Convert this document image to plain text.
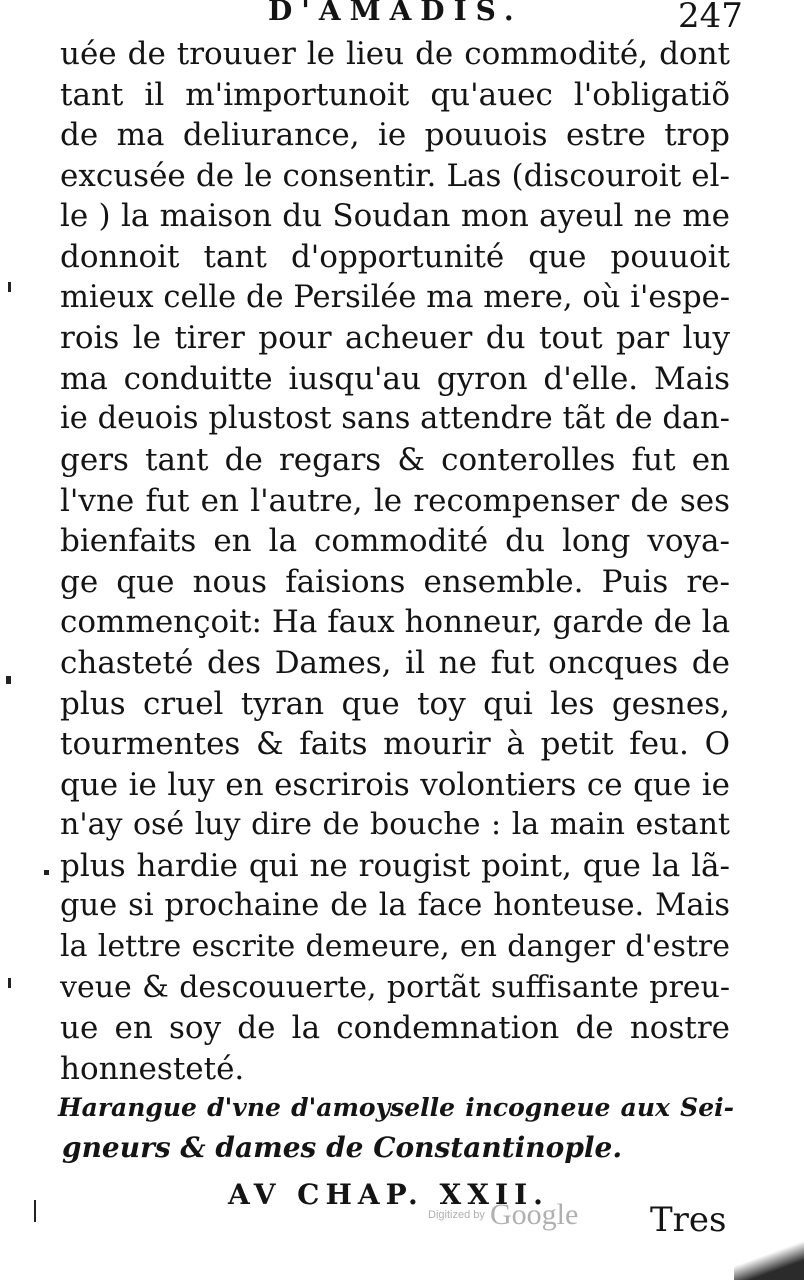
D'AMADIS.	247
uée de trouuer le lieu de commodité, dont
tant il m'importunoit qu'auec l'obligatiõ
de ma deliurance, ie pouuois estre trop
excusée de le consentir. Las (discouroit el-
le ) la maison du Soudan mon ayeul ne me
donnoit tant d'opportunité que pouuoit
mieux celle de Persilée ma mere, où i'espe-
rois le tirer pour acheuer du tout par luy
ma conduitte iusqu'au gyron d'elle. Mais
ie deuois plustost sans attendre tãt de dan-
gers tant de regars & conterolles fut en
l'vne fut en l'autre, le recompenser de ses
bienfaits en la commodité du long voya-
ge que nous faisions ensemble. Puis re-
commençoit: Ha faux honneur, garde de la
chasteté des Dames, il ne fut oncques de
plus cruel tyran que toy qui les gesnes,
tourmentes & faits mourir à petit feu. O
que ie luy en escrirois volontiers ce que ie
n'ay osé luy dire de bouche : la main estant
plus hardie qui ne rougist point, que la lã-
gue si prochaine de la face honteuse. Mais
la lettre escrite demeure, en danger d'estre
veue & descouuerte, portãt suffisante preu-
ue en soy de la condemnation de nostre
honnesteté.
Harangue d'vne d'amoyselle incogneue aux Sei-
gneurs & dames de Constantinople.
AV CHAP. XXII.
Digitized by Google Tres
